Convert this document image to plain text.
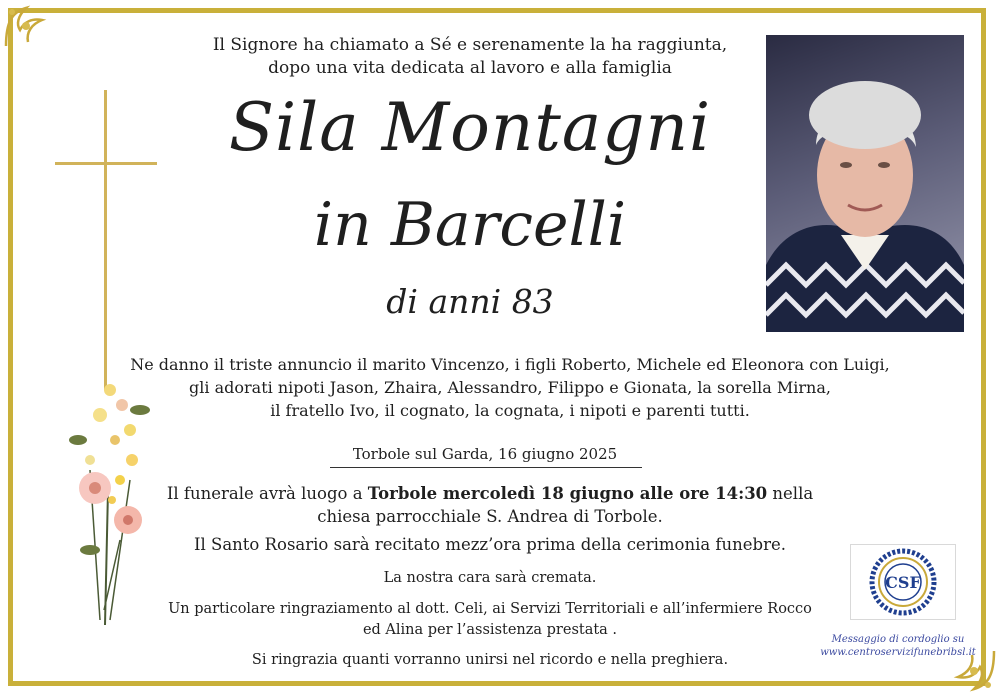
Il Signore ha chiamato a Sé e serenamente la ha raggiunta,
dopo una vita dedicata al lavoro e alla famiglia
Sila Montagni
in Barcelli
di anni 83
Ne danno il triste annuncio il marito Vincenzo, i figli Roberto, Michele ed Eleonora con Luigi,
gli adorati nipoti Jason, Zhaira, Alessandro, Filippo e Gionata, la sorella Mirna,
il fratello Ivo, il cognato, la cognata, i nipoti e parenti tutti.
Torbole sul Garda, 16 giugno 2025
Il funerale avrà luogo a Torbole mercoledì 18 giugno alle ore 14:30 nella
chiesa parrocchiale S. Andrea di Torbole.
Il Santo Rosario sarà recitato mezz’ora prima della cerimonia funebre.
La nostra cara sarà cremata.
Un particolare ringraziamento al dott. Celi, ai Servizi Territoriali e all’infermiere Rocco
ed Alina per l’assistenza prestata .
Si ringrazia quanti vorranno unirsi nel ricordo e nella preghiera.
CSF
Messaggio di cordoglio su
www.centroservizifunebribsl.it
